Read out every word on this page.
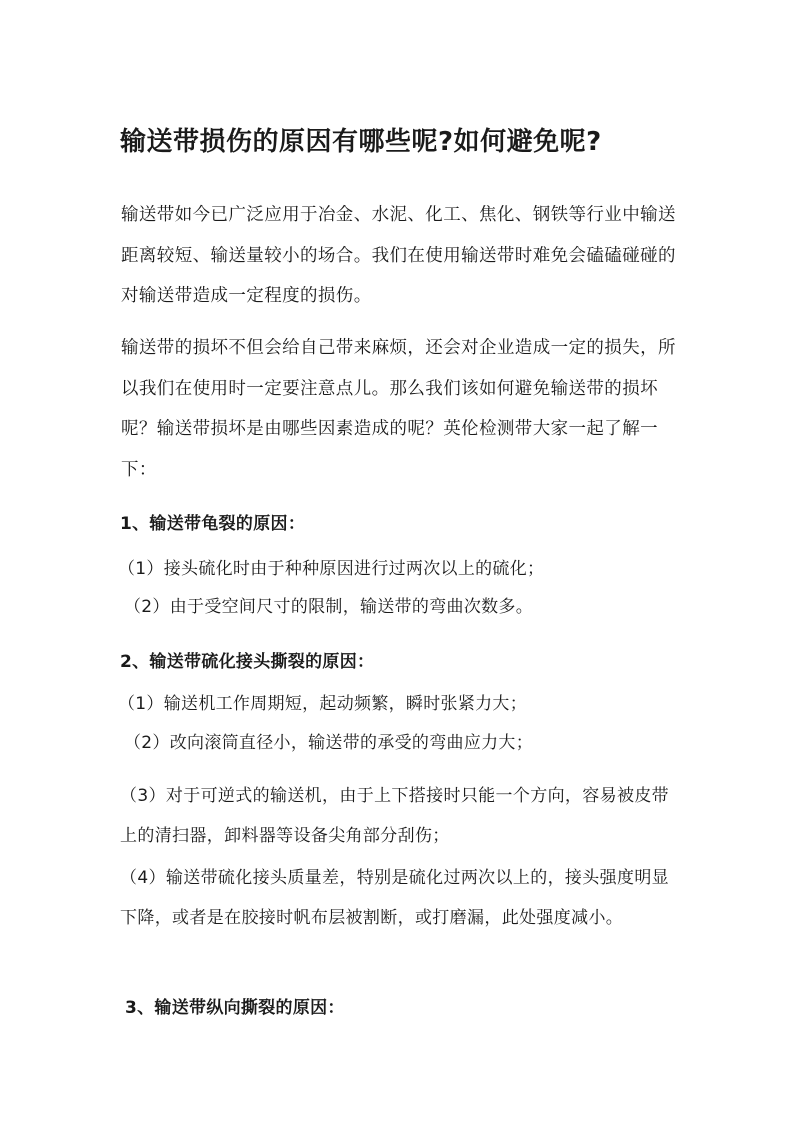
输送带损伤的原因有哪些呢?如何避免呢?

输送带如今已广泛应用于冶金、水泥、化工、焦化、钢铁等行业中输送距离较短、输送量较小的场合。我们在使用输送带时难免会磕磕碰碰的对输送带造成一定程度的损伤。

输送带的损坏不但会给自己带来麻烦，还会对企业造成一定的损失，所以我们在使用时一定要注意点儿。那么我们该如何避免输送带的损坏呢？输送带损坏是由哪些因素造成的呢？英伦检测带大家一起了解一下：

1、输送带龟裂的原因：

（1）接头硫化时由于种种原因进行过两次以上的硫化；

（2）由于受空间尺寸的限制，输送带的弯曲次数多。

2、输送带硫化接头撕裂的原因：

（1）输送机工作周期短，起动频繁，瞬时张紧力大；

（2）改向滚筒直径小，输送带的承受的弯曲应力大；

（3）对于可逆式的输送机，由于上下搭接时只能一个方向，容易被皮带上的清扫器，卸料器等设备尖角部分刮伤；

（4）输送带硫化接头质量差，特别是硫化过两次以上的，接头强度明显下降，或者是在胶接时帆布层被割断，或打磨漏，此处强度减小。

3、输送带纵向撕裂的原因：
